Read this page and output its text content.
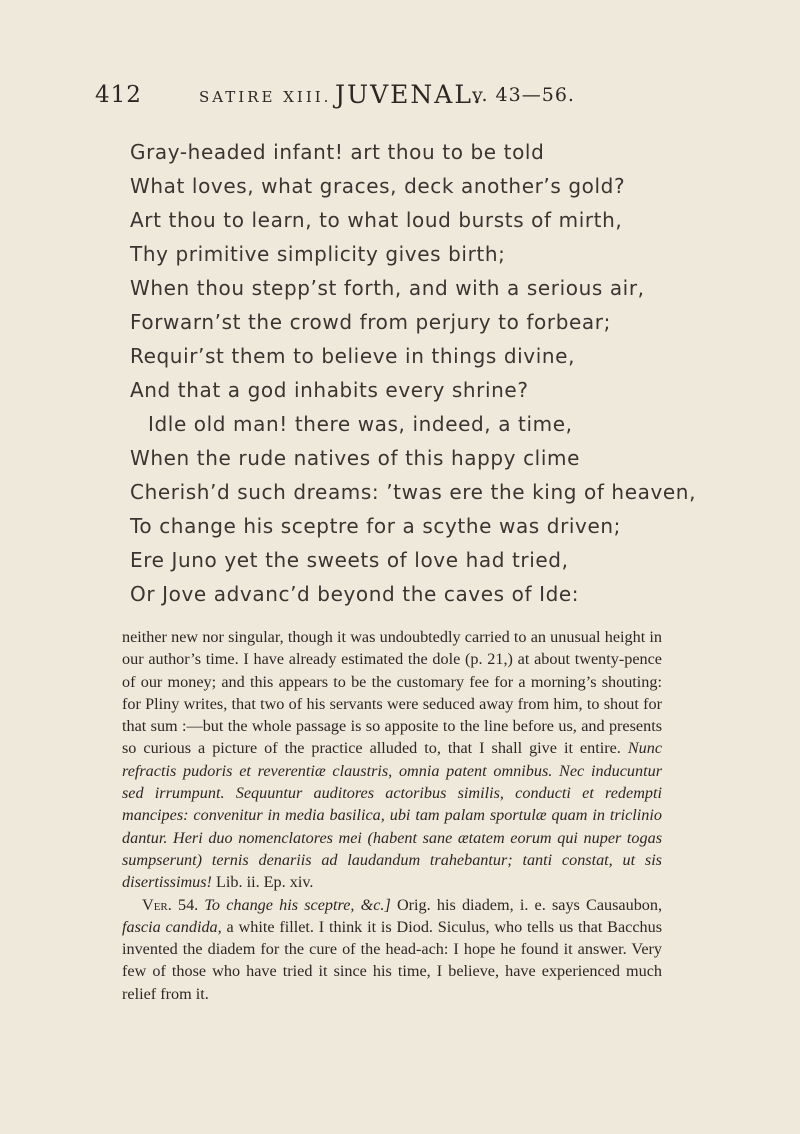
412	SATIRE XIII. JUVENAL.
v. 43—56.
Gray-headed infant! art thou to be told
What loves, what graces, deck another’s gold?
Art thou to learn, to what loud bursts of mirth,
Thy primitive simplicity gives birth;
When thou stepp’st forth, and with a serious air,
Forwarn’st the crowd from perjury to forbear;
Requir’st them to believe in things divine,
And that a god inhabits every shrine?
Idle old man! there was, indeed, a time,
When the rude natives of this happy clime
Cherish’d such dreams: ’twas ere the king of heaven,
To change his sceptre for a scythe was driven;
Ere Juno yet the sweets of love had tried,
Or Jove advanc’d beyond the caves of Ide:

neither new nor singular, though it was undoubtedly carried to an unusual height in our author’s time. I have already estimated the dole (p. 21,) at about twenty-pence of our money; and this appears to be the customary fee for a morning’s shouting: for Pliny writes, that two of his servants were seduced away from him, to shout for that sum :—but the whole passage is so apposite to the line before us, and presents so curious a picture of the practice alluded to, that I shall give it entire. Nunc refractis pudoris et reverentiæ claustris, omnia patent omnibus. Nec inducuntur sed irrumpunt. Sequuntur auditores actoribus similis, conducti et redempti mancipes: convenitur in media basilica, ubi tam palam sportulæ quam in triclinio dantur. Heri duo nomenclatores mei (habent sane ætatem eorum qui nuper togas sumpserunt) ternis denariis ad laudandum trahebantur; tanti constat, ut sis disertissimus! Lib. ii. Ep. xiv.

Ver. 54. To change his sceptre, &c.] Orig. his diadem, i. e. says Causaubon, fascia candida, a white fillet. I think it is Diod. Siculus, who tells us that Bacchus invented the diadem for the cure of the head-ach: I hope he found it answer. Very few of those who have tried it since his time, I believe, have experienced much relief from it.
